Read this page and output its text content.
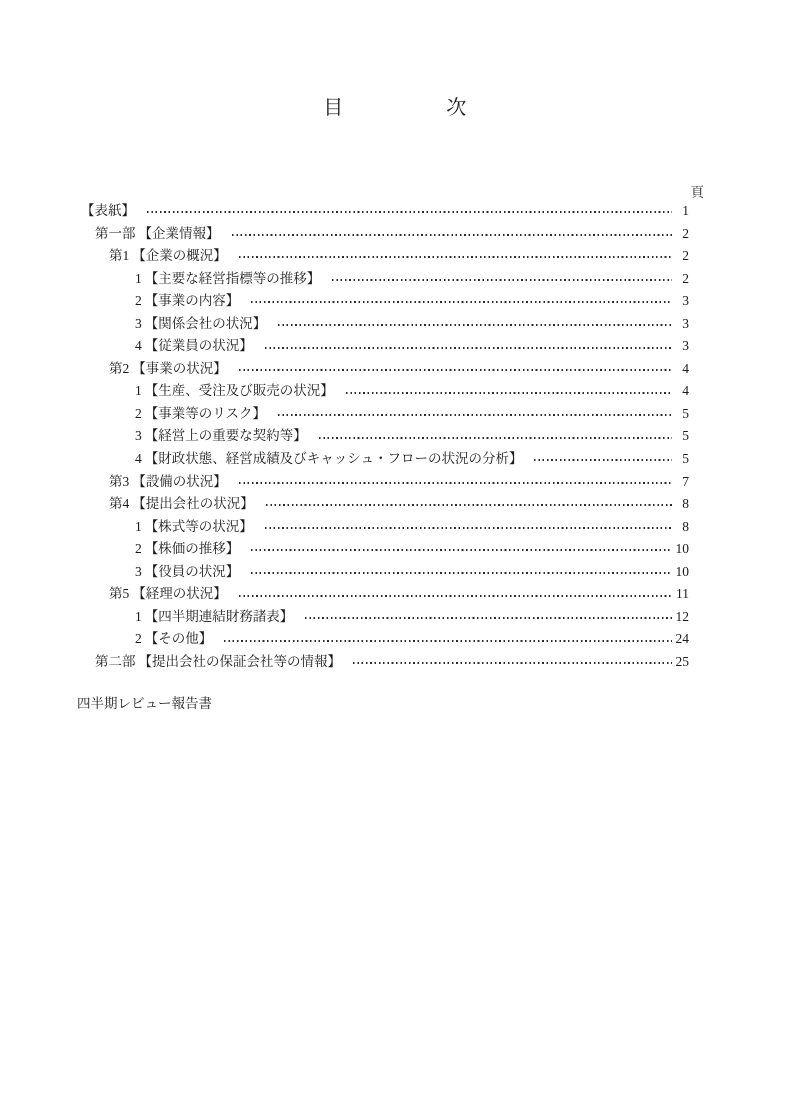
目　　　　　次
頁
【表紙】	1
第一部 【企業情報】	2
第1 【企業の概況】	2
1 【主要な経営指標等の推移】	2
2 【事業の内容】	3
3 【関係会社の状況】	3
4 【従業員の状況】	3
第2 【事業の状況】	4
1 【生産、受注及び販売の状況】	4
2 【事業等のリスク】	5
3 【経営上の重要な契約等】	5
4 【財政状態、経営成績及びキャッシュ・フローの状況の分析】	5
第3 【設備の状況】	7
第4 【提出会社の状況】	8
1 【株式等の状況】	8
2 【株価の推移】	10
3 【役員の状況】	10
第5 【経理の状況】	11
1 【四半期連結財務諸表】	12
2 【その他】	24
第二部 【提出会社の保証会社等の情報】	25
四半期レビュー報告書
